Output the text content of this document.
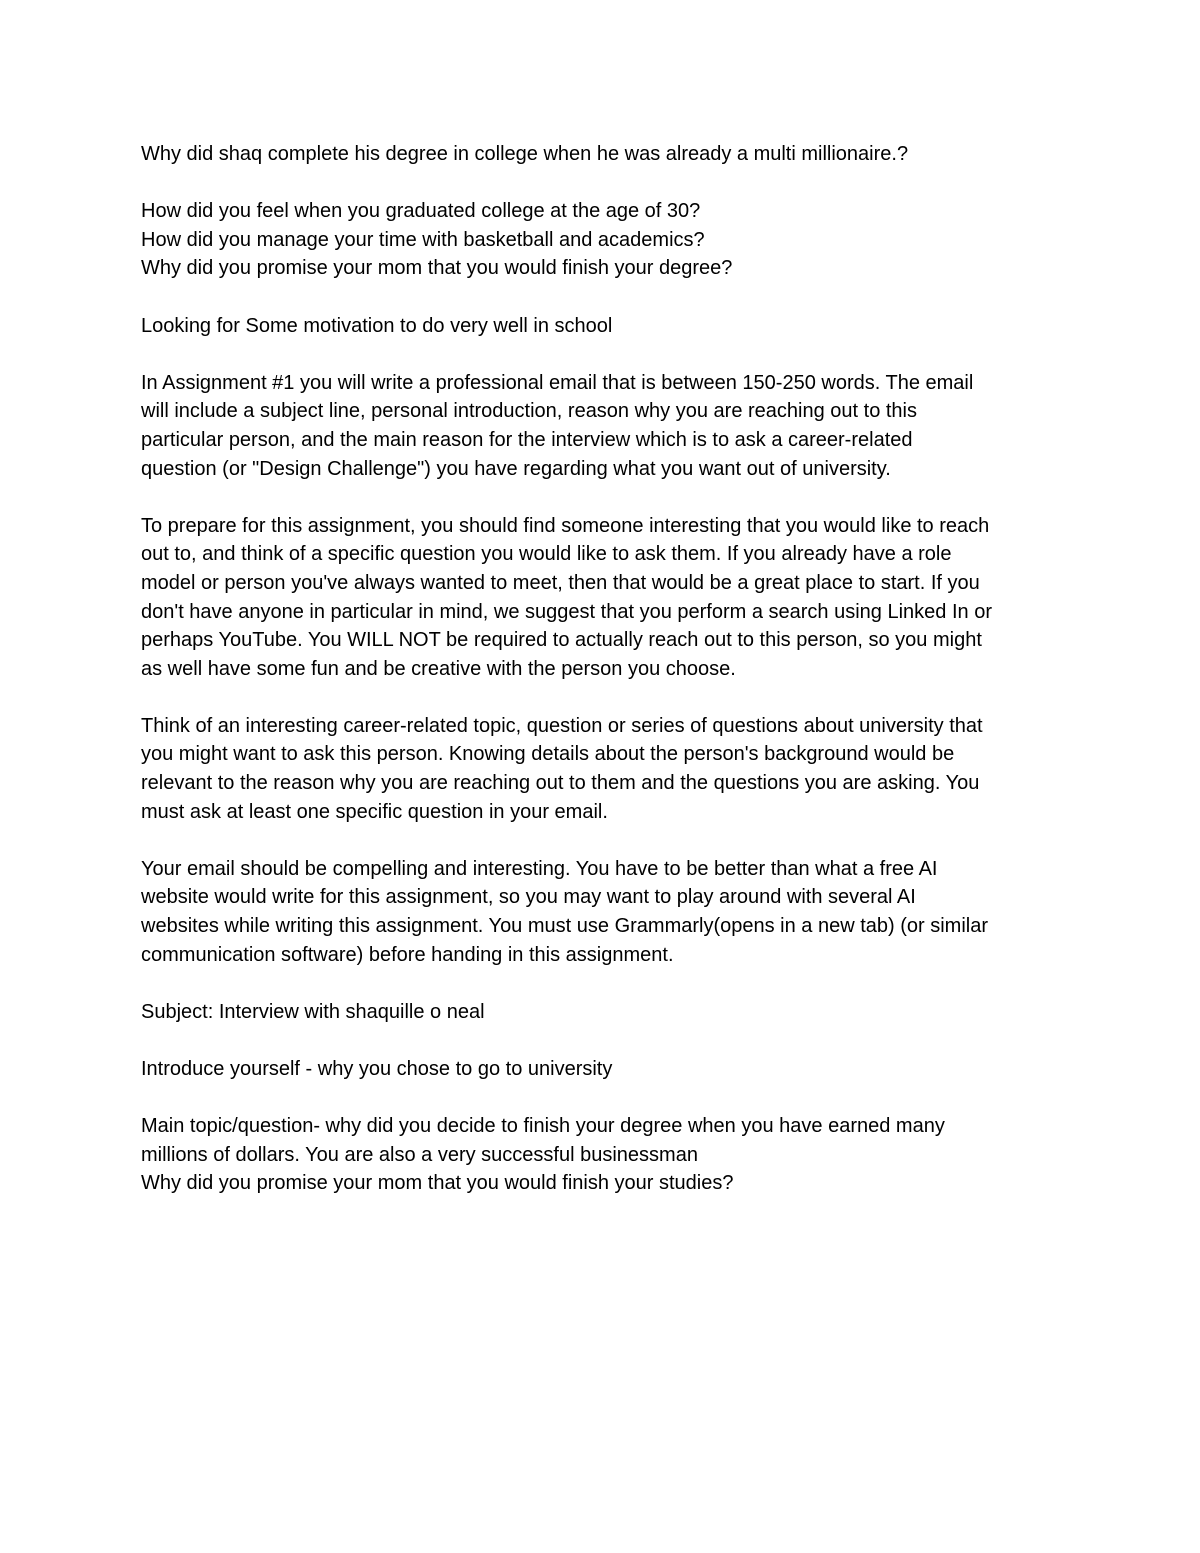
Why did shaq complete his degree in college when he was already a multi millionaire.?
How did you feel when you graduated college at the age of 30?
How did you manage your time with basketball and academics?
Why did you promise your mom that you would finish your degree?
Looking for Some motivation to do very well in school
In Assignment #1 you will write a professional email that is between 150-250 words. The email
will include a subject line, personal introduction, reason why you are reaching out to this
particular person, and the main reason for the interview which is to ask a career-related
question (or "Design Challenge") you have regarding what you want out of university.
To prepare for this assignment, you should find someone interesting that you would like to reach
out to, and think of a specific question you would like to ask them. If you already have a role
model or person you've always wanted to meet, then that would be a great place to start. If you
don't have anyone in particular in mind, we suggest that you perform a search using Linked In or
perhaps YouTube. You WILL NOT be required to actually reach out to this person, so you might
as well have some fun and be creative with the person you choose.
Think of an interesting career-related topic, question or series of questions about university that
you might want to ask this person. Knowing details about the person's background would be
relevant to the reason why you are reaching out to them and the questions you are asking. You
must ask at least one specific question in your email.
Your email should be compelling and interesting. You have to be better than what a free AI
website would write for this assignment, so you may want to play around with several AI
websites while writing this assignment. You must use Grammarly(opens in a new tab) (or similar
communication software) before handing in this assignment.
Subject: Interview with shaquille o neal
Introduce yourself - why you chose to go to university
Main topic/question- why did you decide to finish your degree when you have earned many
millions of dollars. You are also a very successful businessman
Why did you promise your mom that you would finish your studies?
